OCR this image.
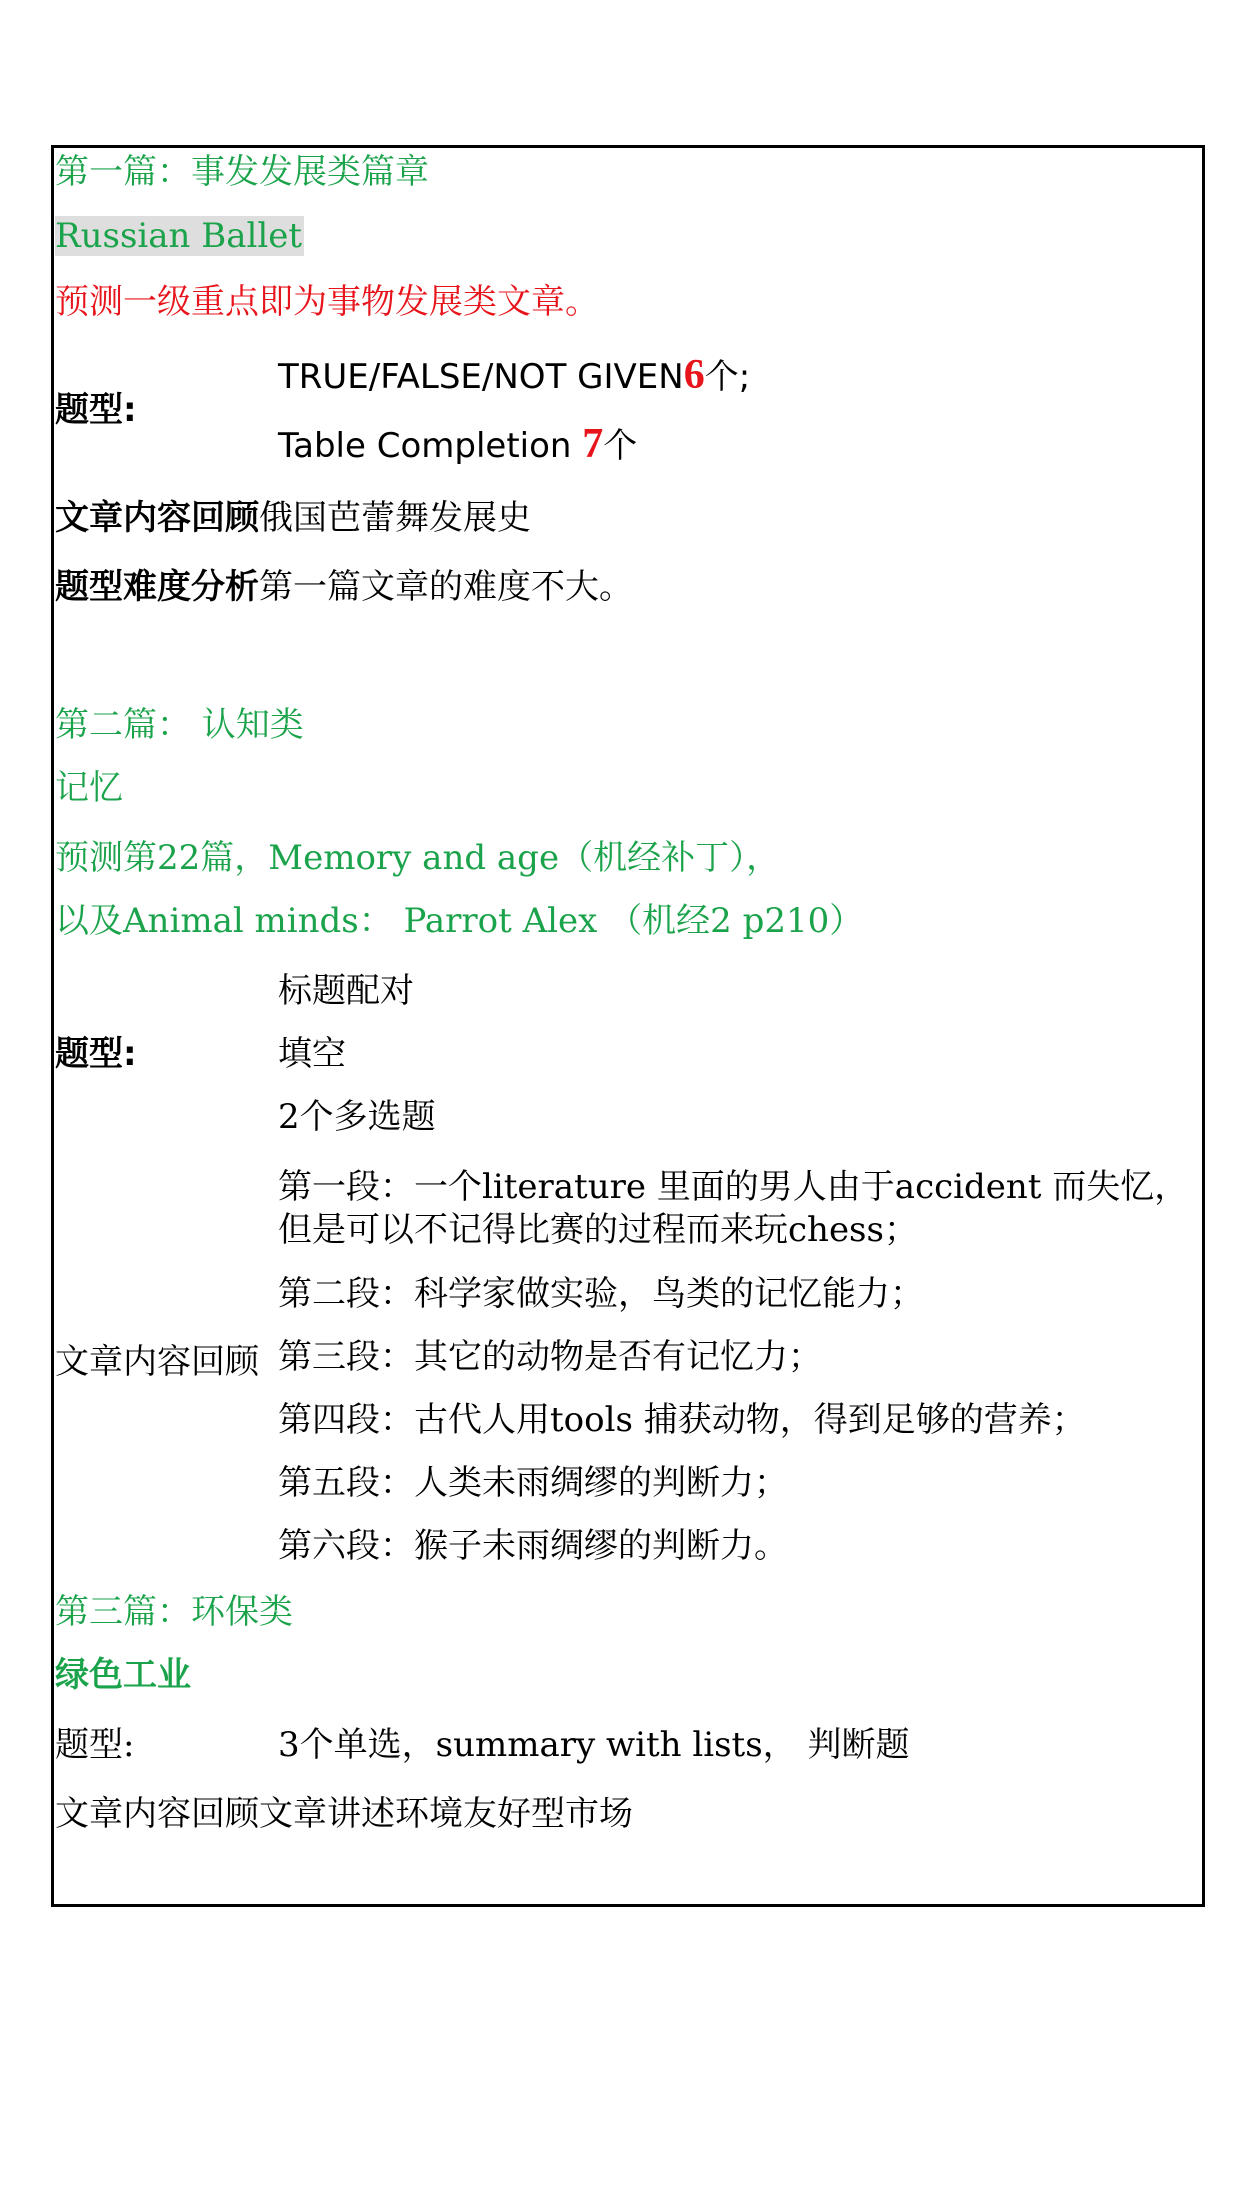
第一篇：事发发展类篇章
Russian Ballet
预测一级重点即为事物发展类文章。
题型:
TRUE/FALSE/NOT GIVEN6个;
Table Completion 7个
文章内容回顾俄国芭蕾舞发展史
题型难度分析第一篇文章的难度不大。
第二篇： 认知类
记忆
预测第22篇，Memory and age（机经补丁），
以及Animal minds： Parrot Alex （机经2 p210）
标题配对
题型:	填空
2个多选题
第一段：一个literature 里面的男人由于accident 而失忆，
但是可以不记得比赛的过程而来玩chess；
第二段：科学家做实验，鸟类的记忆能力；
文章内容回顾 第三段：其它的动物是否有记忆力；
第四段：古代人用tools 捕获动物，得到足够的营养；
第五段：人类未雨绸缪的判断力；
第六段：猴子未雨绸缪的判断力。
第三篇：环保类
绿色工业
题型:	3个单选，summary with lists， 判断题
文章内容回顾文章讲述环境友好型市场
